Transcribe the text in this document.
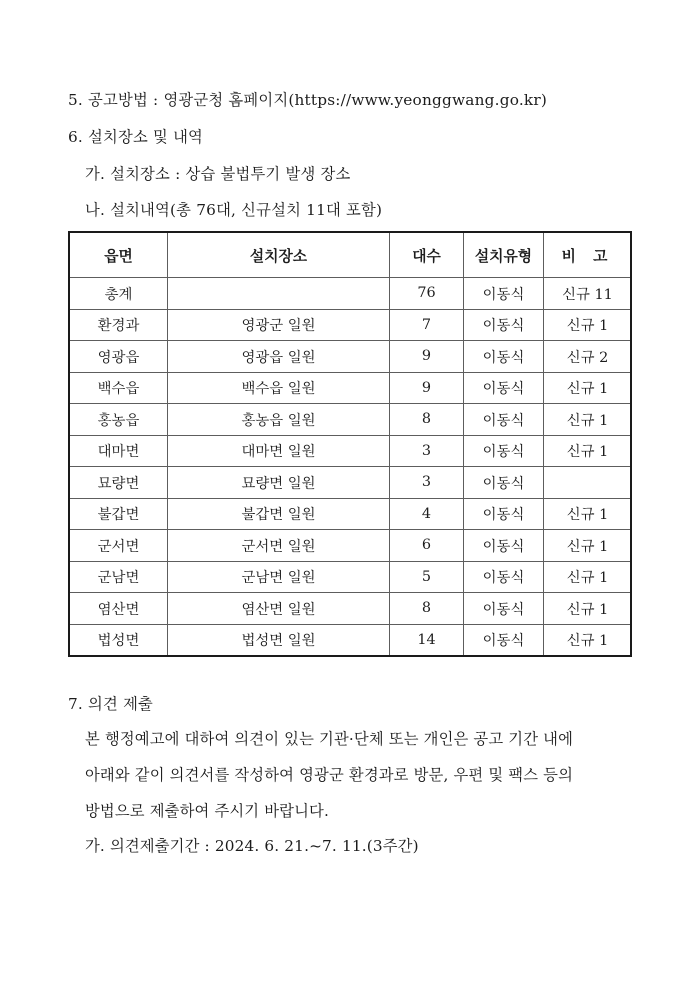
5. 공고방법 : 영광군청 홈페이지(https://www.yeonggwang.go.kr)
6. 설치장소 및 내역
가. 설치장소 : 상습 불법투기 발생 장소
나. 설치내역(총 76대, 신규설치 11대 포함)
읍면	설치장소	대수	설치유형	비 고
총계		76	이동식	신규 11
환경과	영광군 일원	7	이동식	신규 1
영광읍	영광읍 일원	9	이동식	신규 2
백수읍	백수읍 일원	9	이동식	신규 1
홍농읍	홍농읍 일원	8	이동식	신규 1
대마면	대마면 일원	3	이동식	신규 1
묘량면	묘량면 일원	3	이동식	
불갑면	불갑면 일원	4	이동식	신규 1
군서면	군서면 일원	6	이동식	신규 1
군남면	군남면 일원	5	이동식	신규 1
염산면	염산면 일원	8	이동식	신규 1
법성면	법성면 일원	14	이동식	신규 1
7. 의견 제출
본 행정예고에 대하여 의견이 있는 기관·단체 또는 개인은 공고 기간 내에
아래와 같이 의견서를 작성하여 영광군 환경과로 방문, 우편 및 팩스 등의
방법으로 제출하여 주시기 바랍니다.
가. 의견제출기간 : 2024. 6. 21.~7. 11.(3주간)
